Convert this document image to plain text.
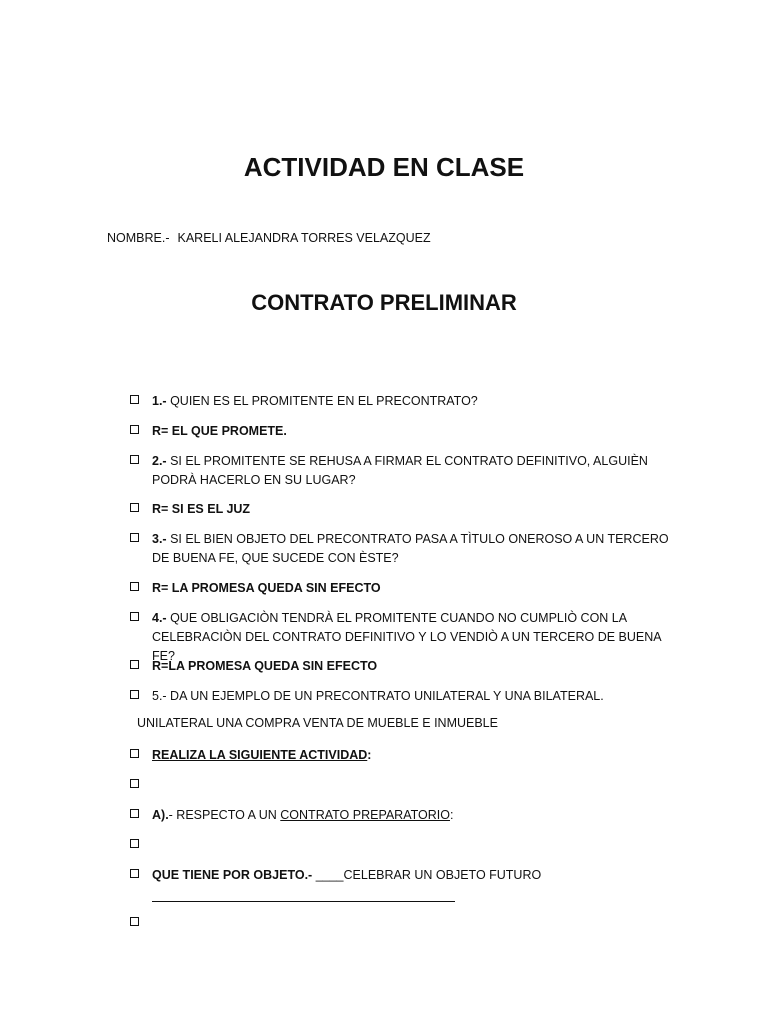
ACTIVIDAD EN CLASE
NOMBRE.- KARELI ALEJANDRA TORRES VELAZQUEZ
CONTRATO PRELIMINAR
1.- QUIEN ES EL PROMITENTE EN EL PRECONTRATO?
R= EL QUE PROMETE.
2.- SI EL PROMITENTE SE REHUSA A FIRMAR EL CONTRATO DEFINITIVO, ALGUIÈN PODRÀ HACERLO EN SU LUGAR?
R= SI ES EL JUZ
3.- SI EL BIEN OBJETO DEL PRECONTRATO PASA A TÌTULO ONEROSO A UN TERCERO DE BUENA FE, QUE SUCEDE CON ÈSTE?
R= LA PROMESA QUEDA SIN EFECTO
4.- QUE OBLIGACIÒN TENDRÀ EL PROMITENTE CUANDO NO CUMPLIÒ CON LA CELEBRACIÒN DEL CONTRATO DEFINITIVO Y LO VENDIÒ A UN TERCERO DE BUENA FE?
R=LA PROMESA QUEDA SIN EFECTO
5.- DA UN EJEMPLO DE UN PRECONTRATO UNILATERAL Y UNA BILATERAL.
UNILATERAL UNA COMPRA VENTA DE MUEBLE E INMUEBLE
REALIZA LA SIGUIENTE ACTIVIDAD:
A).- RESPECTO A UN CONTRATO PREPARATORIO:
QUE TIENE POR OBJETO.- ____CELEBRAR UN OBJETO FUTURO
